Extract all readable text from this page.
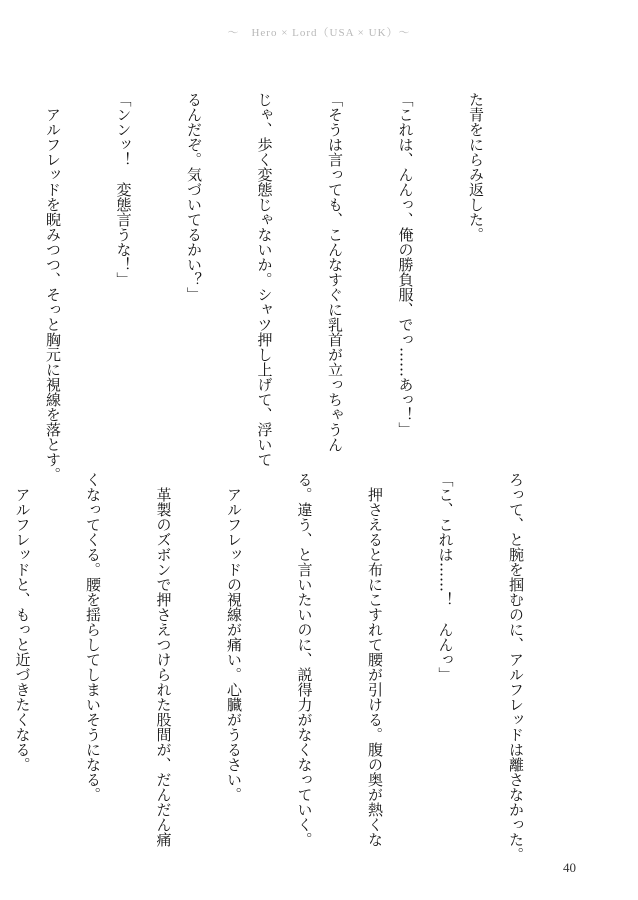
〜　Hero × Lord（USA × UK）〜

た青をにらみ返した。

「これは、んんっ、俺の勝負服、でっ……あっ！」

「そうは言っても、こんなすぐに乳首が立っちゃうん

じゃ、歩く変態じゃないか。シャツ押し上げて、浮いて

るんだぞ。気づいてるかい？」

「ンンッ！　変態言うな！」

　アルフレッドを睨みつつ、そっと胸元に視線を落とす。

ろって、と腕を掴むのに、アルフレッドは離さなかった。

「こ、これは……！　んんっ」

　押さえると布にこすれて腰が引ける。腹の奥が熱くな

る。違う、と言いたいのに、説得力がなくなっていく。

　アルフレッドの視線が痛い。心臓がうるさい。

　革製のズボンで押さえつけられた股間が、だんだん痛

くなってくる。腰を揺らしてしまいそうになる。

　アルフレッドと、もっと近づきたくなる。

40
